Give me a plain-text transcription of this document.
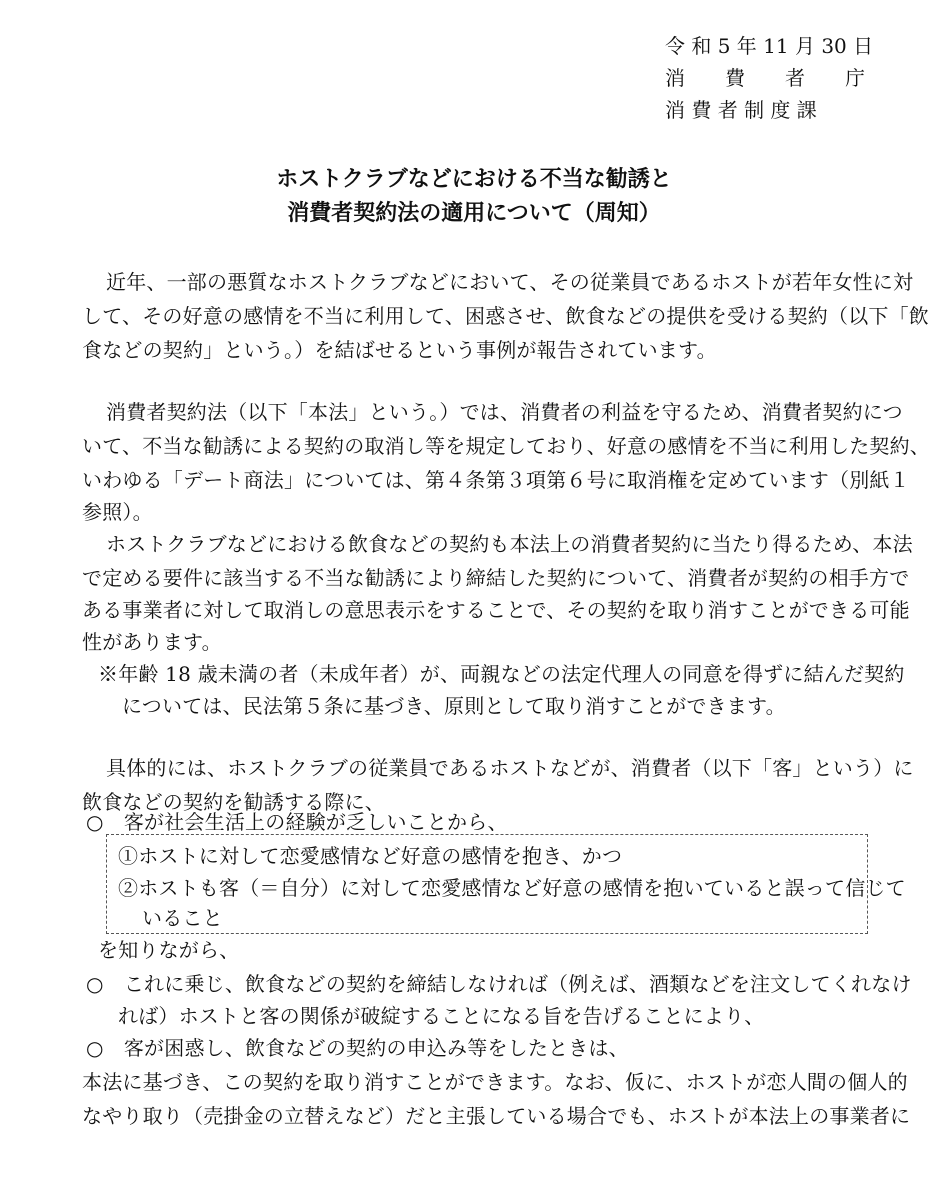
令 和 5 年 11 月 30 日
消　　費　　者　　庁
消 費 者 制 度 課
ホストクラブなどにおける不当な勧誘と
消費者契約法の適用について（周知）
近年、一部の悪質なホストクラブなどにおいて、その従業員であるホストが若年女性に対
して、その好意の感情を不当に利用して、困惑させ、飲食などの提供を受ける契約（以下「飲
食などの契約」という。）を結ばせるという事例が報告されています。
消費者契約法（以下「本法」という。）では、消費者の利益を守るため、消費者契約につ
いて、不当な勧誘による契約の取消し等を規定しており、好意の感情を不当に利用した契約、
いわゆる「デート商法」については、第４条第３項第６号に取消権を定めています（別紙１
参照）。
ホストクラブなどにおける飲食などの契約も本法上の消費者契約に当たり得るため、本法
で定める要件に該当する不当な勧誘により締結した契約について、消費者が契約の相手方で
ある事業者に対して取消しの意思表示をすることで、その契約を取り消すことができる可能
性があります。
※年齢 18 歳未満の者（未成年者）が、両親などの法定代理人の同意を得ずに結んだ契約
については、民法第５条に基づき、原則として取り消すことができます。
具体的には、ホストクラブの従業員であるホストなどが、消費者（以下「客」という）に
飲食などの契約を勧誘する際に、
○　客が社会生活上の経験が乏しいことから、
①ホストに対して恋愛感情など好意の感情を抱き、かつ
②ホストも客（＝自分）に対して恋愛感情など好意の感情を抱いていると誤って信じて
いること
を知りながら、
○　これに乗じ、飲食などの契約を締結しなければ（例えば、酒類などを注文してくれなけ
れば）ホストと客の関係が破綻することになる旨を告げることにより、
○　客が困惑し、飲食などの契約の申込み等をしたときは、
本法に基づき、この契約を取り消すことができます。なお、仮に、ホストが恋人間の個人的
なやり取り（売掛金の立替えなど）だと主張している場合でも、ホストが本法上の事業者に
